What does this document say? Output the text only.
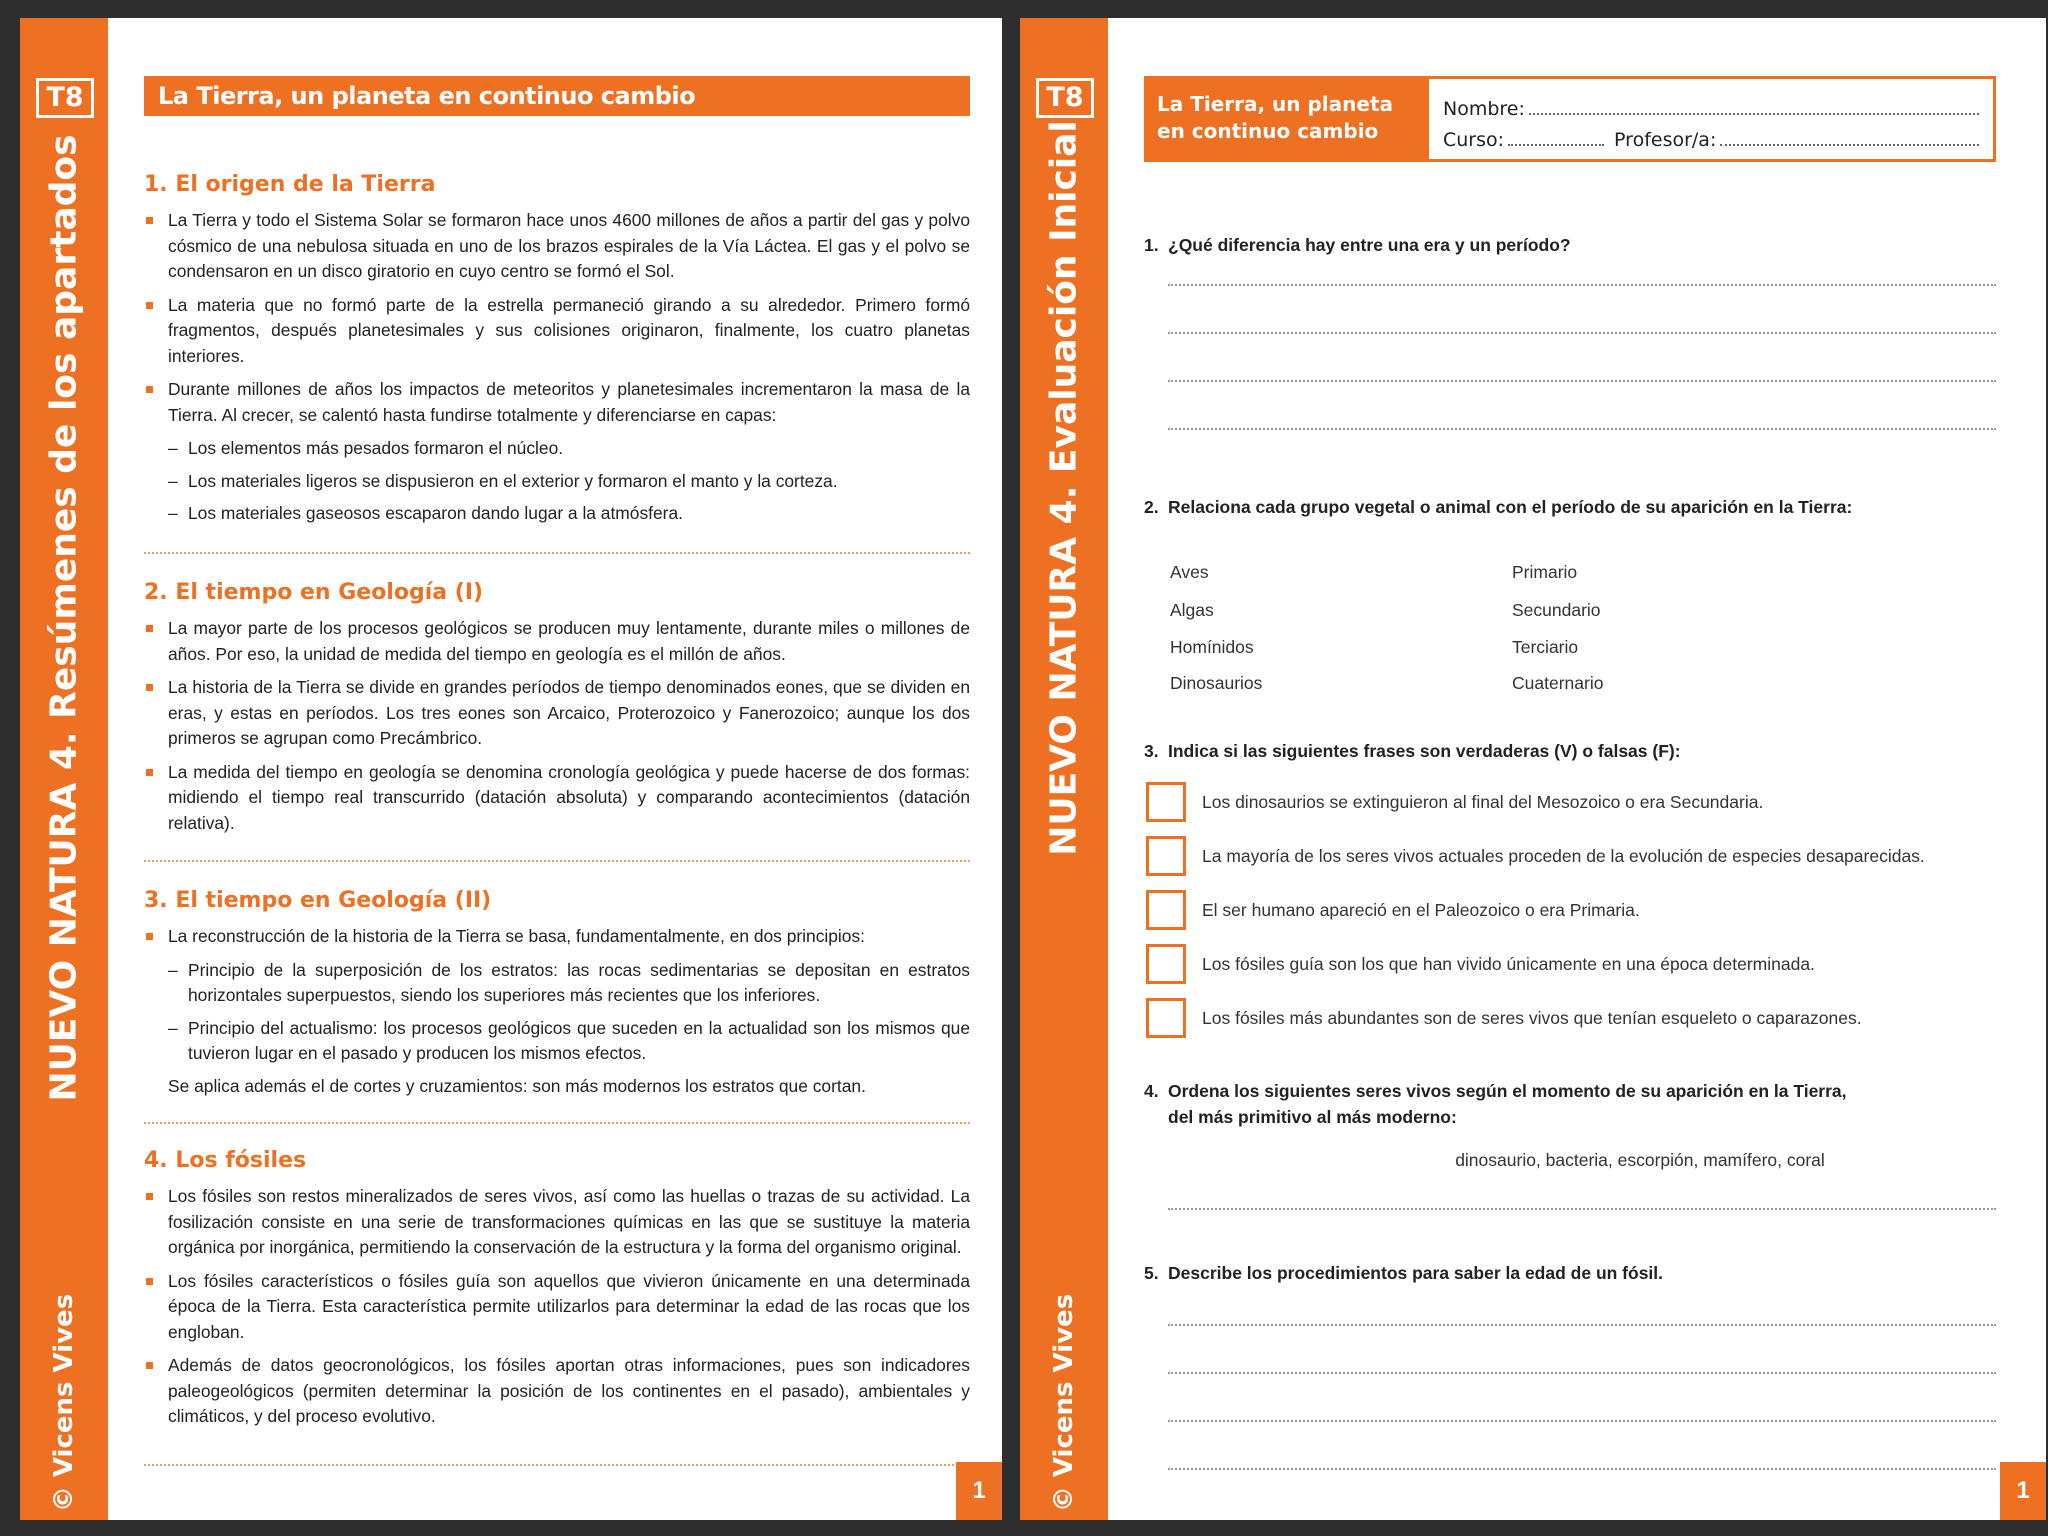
T8
NUEVO NATURA 4. Resúmenes de los apartados
© Vicens Vives
La Tierra, un planeta en continuo cambio
1. El origen de la Tierra
La Tierra y todo el Sistema Solar se formaron hace unos 4600 millones de años a partir del gas y polvo cósmico de una nebulosa situada en uno de los brazos espirales de la Vía Láctea. El gas y el polvo se condensaron en un disco giratorio en cuyo centro se formó el Sol.
La materia que no formó parte de la estrella permaneció girando a su alrededor. Primero formó fragmentos, después planetesimales y sus colisiones originaron, finalmente, los cuatro planetas interiores.
Durante millones de años los impactos de meteoritos y planetesimales incrementaron la masa de la Tierra. Al crecer, se calentó hasta fundirse totalmente y diferenciarse en capas:
– Los elementos más pesados formaron el núcleo.
– Los materiales ligeros se dispusieron en el exterior y formaron el manto y la corteza.
– Los materiales gaseosos escaparon dando lugar a la atmósfera.
2. El tiempo en Geología (I)
La mayor parte de los procesos geológicos se producen muy lentamente, durante miles o millones de años. Por eso, la unidad de medida del tiempo en geología es el millón de años.
La historia de la Tierra se divide en grandes períodos de tiempo denominados eones, que se dividen en eras, y estas en períodos. Los tres eones son Arcaico, Proterozoico y Fanerozoico; aunque los dos primeros se agrupan como Precámbrico.
La medida del tiempo en geología se denomina cronología geológica y puede hacerse de dos formas: midiendo el tiempo real transcurrido (datación absoluta) y comparando acontecimientos (datación relativa).
3. El tiempo en Geología (II)
La reconstrucción de la historia de la Tierra se basa, fundamentalmente, en dos principios:
– Principio de la superposición de los estratos: las rocas sedimentarias se depositan en estratos horizontales superpuestos, siendo los superiores más recientes que los inferiores.
– Principio del actualismo: los procesos geológicos que suceden en la actualidad son los mismos que tuvieron lugar en el pasado y producen los mismos efectos.
Se aplica además el de cortes y cruzamientos: son más modernos los estratos que cortan.
4. Los fósiles
Los fósiles son restos mineralizados de seres vivos, así como las huellas o trazas de su actividad. La fosilización consiste en una serie de transformaciones químicas en las que se sustituye la materia orgánica por inorgánica, permitiendo la conservación de la estructura y la forma del organismo original.
Los fósiles característicos o fósiles guía son aquellos que vivieron únicamente en una determinada época de la Tierra. Esta característica permite utilizarlos para determinar la edad de las rocas que los engloban.
Además de datos geocronológicos, los fósiles aportan otras informaciones, pues son indicadores paleogeológicos (permiten determinar la posición de los continentes en el pasado), ambientales y climáticos, y del proceso evolutivo.
1
T8
NUEVO NATURA 4. Evaluación Inicial
© Vicens Vives
La Tierra, un planeta en continuo cambio
Nombre:
Curso:	Profesor/a:
1. ¿Qué diferencia hay entre una era y un período?
2. Relaciona cada grupo vegetal o animal con el período de su aparición en la Tierra:
Aves
Algas
Homínidos
Dinosaurios
Primario
Secundario
Terciario
Cuaternario
3. Indica si las siguientes frases son verdaderas (V) o falsas (F):
Los dinosaurios se extinguieron al final del Mesozoico o era Secundaria.
La mayoría de los seres vivos actuales proceden de la evolución de especies desaparecidas.
El ser humano apareció en el Paleozoico o era Primaria.
Los fósiles guía son los que han vivido únicamente en una época determinada.
Los fósiles más abundantes son de seres vivos que tenían esqueleto o caparazones.
4. Ordena los siguientes seres vivos según el momento de su aparición en la Tierra, del más primitivo al más moderno:
dinosaurio, bacteria, escorpión, mamífero, coral
5. Describe los procedimientos para saber la edad de un fósil.
1
